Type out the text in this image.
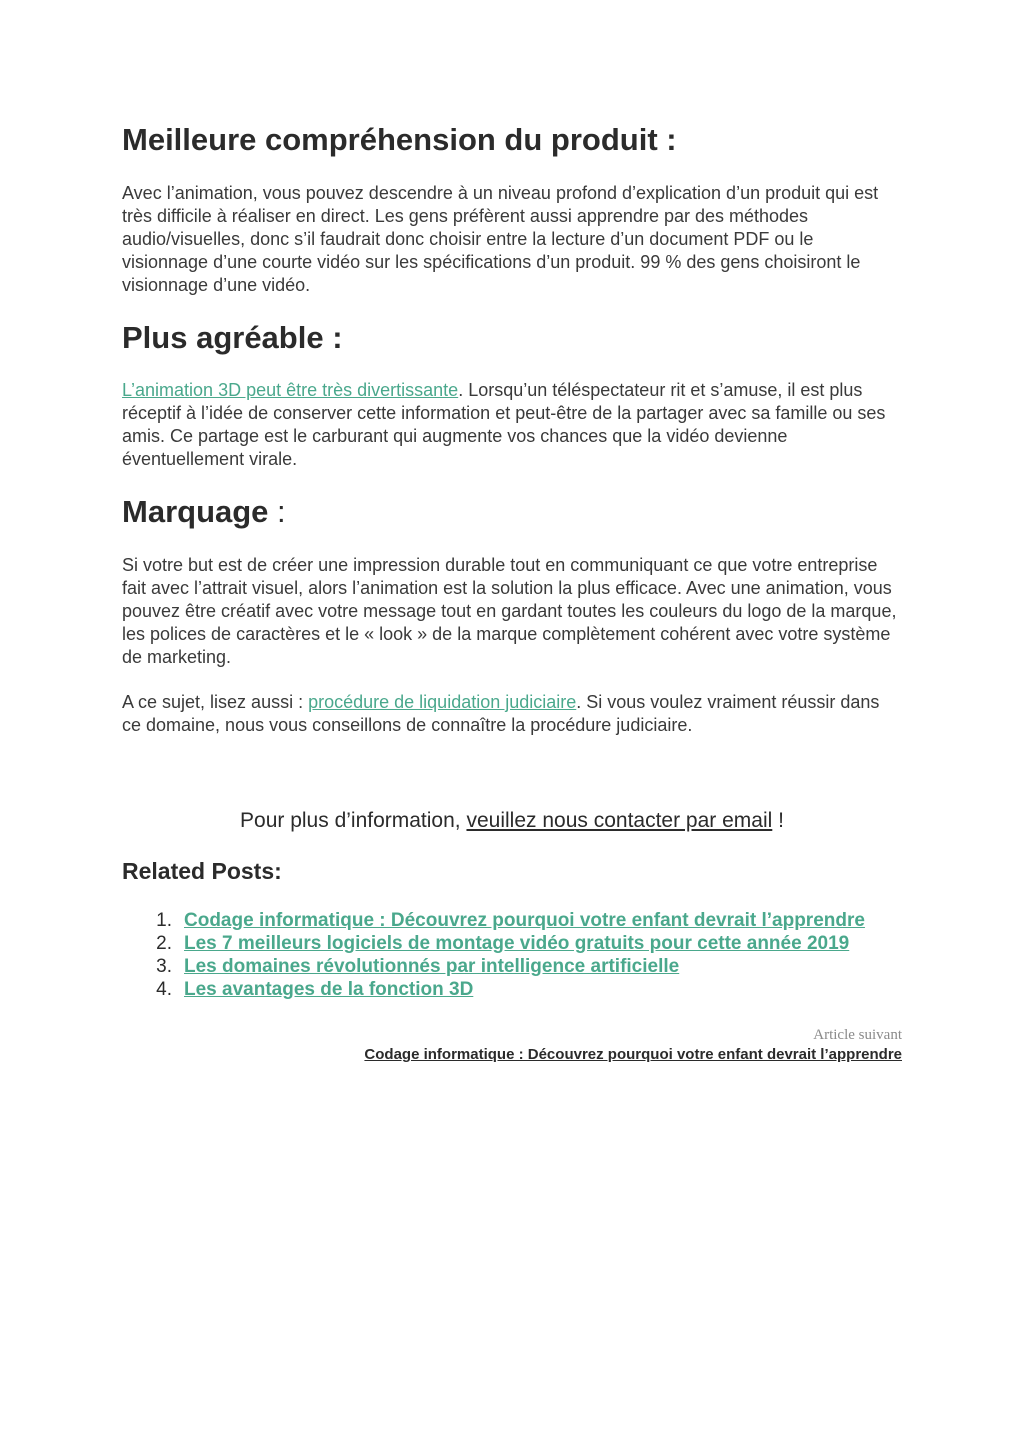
Meilleure compréhension du produit :

Avec l’animation, vous pouvez descendre à un niveau profond d’explication d’un produit qui est très difficile à réaliser en direct. Les gens préfèrent aussi apprendre par des méthodes audio/visuelles, donc s’il faudrait donc choisir entre la lecture d’un document PDF ou le visionnage d’une courte vidéo sur les spécifications d’un produit. 99 % des gens choisiront le visionnage d’une vidéo.

Plus agréable :

L’animation 3D peut être très divertissante. Lorsqu’un téléspectateur rit et s’amuse, il est plus réceptif à l’idée de conserver cette information et peut-être de la partager avec sa famille ou ses amis. Ce partage est le carburant qui augmente vos chances que la vidéo devienne éventuellement virale.

Marquage :

Si votre but est de créer une impression durable tout en communiquant ce que votre entreprise fait avec l’attrait visuel, alors l’animation est la solution la plus efficace. Avec une animation, vous pouvez être créatif avec votre message tout en gardant toutes les couleurs du logo de la marque, les polices de caractères et le « look » de la marque complètement cohérent avec votre système de marketing.

A ce sujet, lisez aussi : procédure de liquidation judiciaire. Si vous voulez vraiment réussir dans ce domaine, nous vous conseillons de connaître la procédure judiciaire.

Pour plus d’information, veuillez nous contacter par email !
Related Posts:
1. Codage informatique : Découvrez pourquoi votre enfant devrait l’apprendre
2. Les 7 meilleurs logiciels de montage vidéo gratuits pour cette année 2019
3. Les domaines révolutionnés par intelligence artificielle
4. Les avantages de la fonction 3D
Article suivant
Codage informatique : Découvrez pourquoi votre enfant devrait l’apprendre
